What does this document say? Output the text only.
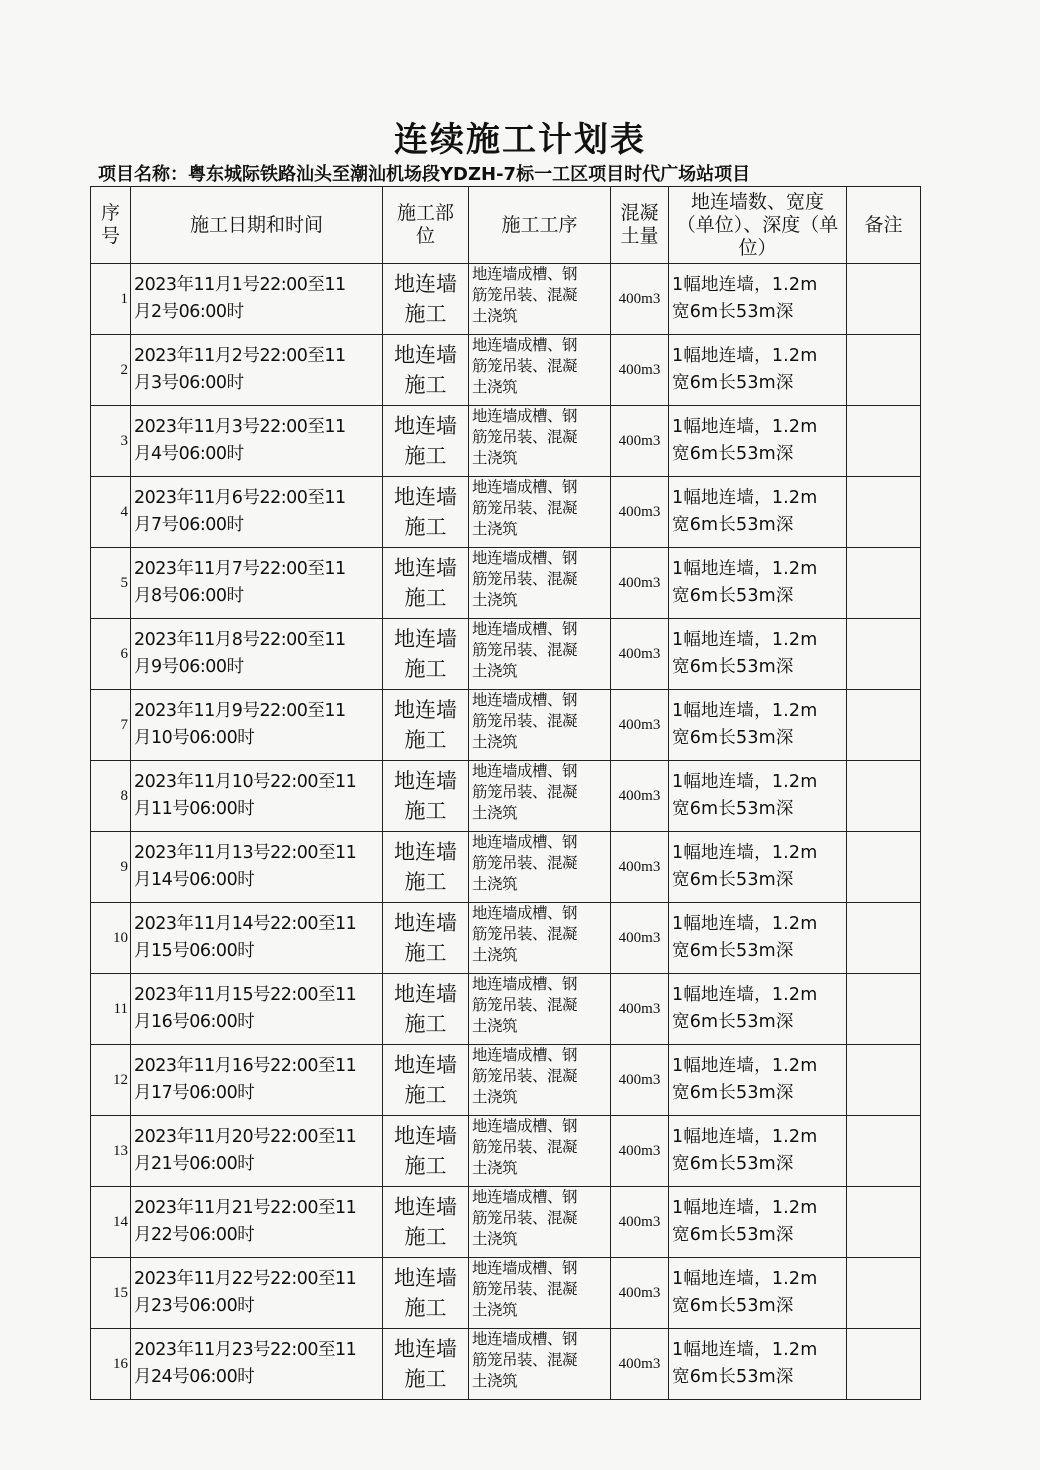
连续施工计划表
项目名称：粤东城际铁路汕头至潮汕机场段YDZH-7标一工区项目时代广场站项目
序号	施工日期和时间	施工部位	施工工序	混凝土量	地连墙数、宽度（单位）、深度（单位）	备注
1	2023年11月1号22:00至11
月2号06:00时	地连墙
施工	地连墙成槽、钢
筋笼吊装、混凝
土浇筑	400m3	1幅地连墙，1.2m
宽6m长53m深	

2	2023年11月2号22:00至11
月3号06:00时	地连墙
施工	地连墙成槽、钢
筋笼吊装、混凝
土浇筑	400m3	1幅地连墙，1.2m
宽6m长53m深	

3	2023年11月3号22:00至11
月4号06:00时	地连墙
施工	地连墙成槽、钢
筋笼吊装、混凝
土浇筑	400m3	1幅地连墙，1.2m
宽6m长53m深	

4	2023年11月6号22:00至11
月7号06:00时	地连墙
施工	地连墙成槽、钢
筋笼吊装、混凝
土浇筑	400m3	1幅地连墙，1.2m
宽6m长53m深	

5	2023年11月7号22:00至11
月8号06:00时	地连墙
施工	地连墙成槽、钢
筋笼吊装、混凝
土浇筑	400m3	1幅地连墙，1.2m
宽6m长53m深	

6	2023年11月8号22:00至11
月9号06:00时	地连墙
施工	地连墙成槽、钢
筋笼吊装、混凝
土浇筑	400m3	1幅地连墙，1.2m
宽6m长53m深	

7	2023年11月9号22:00至11
月10号06:00时	地连墙
施工	地连墙成槽、钢
筋笼吊装、混凝
土浇筑	400m3	1幅地连墙，1.2m
宽6m长53m深	

8	2023年11月10号22:00至11
月11号06:00时	地连墙
施工	地连墙成槽、钢
筋笼吊装、混凝
土浇筑	400m3	1幅地连墙，1.2m
宽6m长53m深	

9	2023年11月13号22:00至11
月14号06:00时	地连墙
施工	地连墙成槽、钢
筋笼吊装、混凝
土浇筑	400m3	1幅地连墙，1.2m
宽6m长53m深	

10	2023年11月14号22:00至11
月15号06:00时	地连墙
施工	地连墙成槽、钢
筋笼吊装、混凝
土浇筑	400m3	1幅地连墙，1.2m
宽6m长53m深	

11	2023年11月15号22:00至11
月16号06:00时	地连墙
施工	地连墙成槽、钢
筋笼吊装、混凝
土浇筑	400m3	1幅地连墙，1.2m
宽6m长53m深	

12	2023年11月16号22:00至11
月17号06:00时	地连墙
施工	地连墙成槽、钢
筋笼吊装、混凝
土浇筑	400m3	1幅地连墙，1.2m
宽6m长53m深	

13	2023年11月20号22:00至11
月21号06:00时	地连墙
施工	地连墙成槽、钢
筋笼吊装、混凝
土浇筑	400m3	1幅地连墙，1.2m
宽6m长53m深	

14	2023年11月21号22:00至11
月22号06:00时	地连墙
施工	地连墙成槽、钢
筋笼吊装、混凝
土浇筑	400m3	1幅地连墙，1.2m
宽6m长53m深	

15	2023年11月22号22:00至11
月23号06:00时	地连墙
施工	地连墙成槽、钢
筋笼吊装、混凝
土浇筑	400m3	1幅地连墙，1.2m
宽6m长53m深	

16	2023年11月23号22:00至11
月24号06:00时	地连墙
施工	地连墙成槽、钢
筋笼吊装、混凝
土浇筑	400m3	1幅地连墙，1.2m
宽6m长53m深	
